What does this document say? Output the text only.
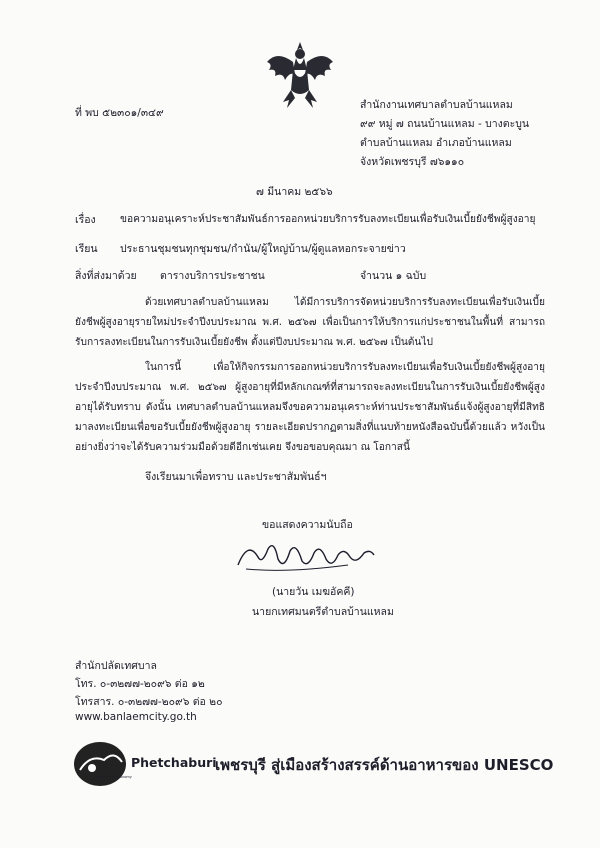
ที่ พบ ๕๒๓๐๑/๓๔๙
สำนักงานเทศบาลตำบลบ้านแหลม
๙๙ หมู่ ๗ ถนนบ้านแหลม - บางตะบูน
ตำบลบ้านแหลม อำเภอบ้านแหลม
จังหวัดเพชรบุรี ๗๖๑๑๐
๗ มีนาคม ๒๕๖๖
เรื่อง ขอความอนุเคราะห์ประชาสัมพันธ์การออกหน่วยบริการรับลงทะเบียนเพื่อรับเงินเบี้ยยังชีพผู้สูงอายุ
เรียน ประธานชุมชนทุกชุมชน/กำนัน/ผู้ใหญ่บ้าน/ผู้ดูแลหอกระจายข่าว
สิ่งที่ส่งมาด้วย ตารางบริการประชาชน	จำนวน ๑ ฉบับ
ด้วยเทศบาลตำบลบ้านแหลม ได้มีการบริการจัดหน่วยบริการรับลงทะเบียนเพื่อรับเงินเบี้ยยังชีพผู้สูงอายุรายใหม่ประจำปีงบประมาณ พ.ศ. ๒๕๖๗ เพื่อเป็นการให้บริการแก่ประชาชนในพื้นที่ สามารถรับการลงทะเบียนในการรับเงินเบี้ยยังชีพ ตั้งแต่ปีงบประมาณ พ.ศ. ๒๕๖๗ เป็นต้นไป
ในการนี้ เพื่อให้กิจกรรมการออกหน่วยบริการรับลงทะเบียนเพื่อรับเงินเบี้ยยังชีพผู้สูงอายุ ประจำปีงบประมาณ พ.ศ. ๒๕๖๗ ผู้สูงอายุที่มีหลักเกณฑ์ที่สามารถจะลงทะเบียนในการรับเงินเบี้ยยังชีพผู้สูงอายุได้รับทราบ ดังนั้น เทศบาลตำบลบ้านแหลมจึงขอความอนุเคราะห์ท่านประชาสัมพันธ์แจ้งผู้สูงอายุที่มีสิทธิมาลงทะเบียนเพื่อขอรับเบี้ยยังชีพผู้สูงอายุ รายละเอียดปรากฏตามสิ่งที่แนบท้ายหนังสือฉบับนี้ด้วยแล้ว หวังเป็นอย่างยิ่งว่าจะได้รับความร่วมมือด้วยดีอีกเช่นเคย จึงขอขอบคุณมา ณ โอกาสนี้
จึงเรียนมาเพื่อทราบ และประชาสัมพันธ์ฯ
ขอแสดงความนับถือ
(นายวัน เมฆอัคคี)
นายกเทศมนตรีตำบลบ้านแหลม
สำนักปลัดเทศบาล
โทร. ๐-๓๒๗๗-๒๐๙๖ ต่อ ๑๒
โทรสาร. ๐-๓๒๗๗-๒๐๙๖ ต่อ ๒๐
www.banlaemcity.go.th
City of Gastronomy
Phetchaburi
เพชรบุรี สู่เมืองสร้างสรรค์ด้านอาหารของ UNESCO
